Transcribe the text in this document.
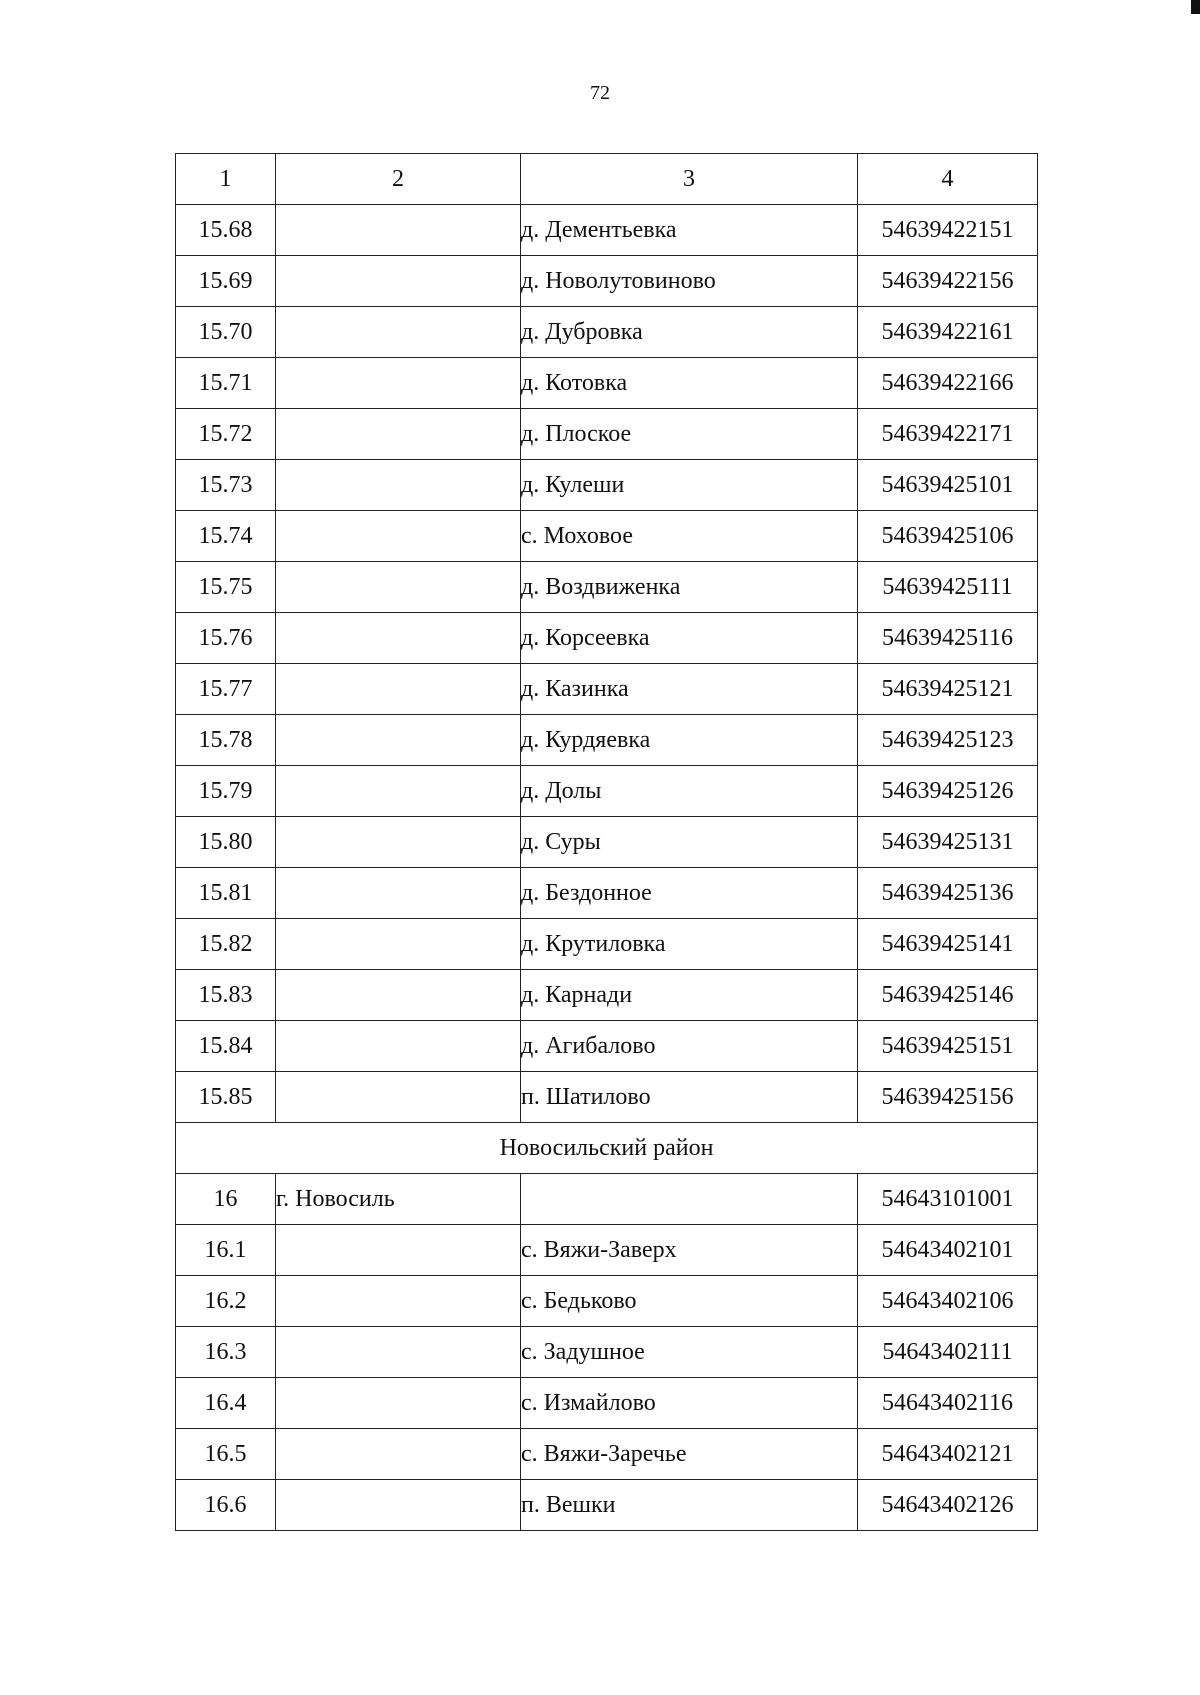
72
1	2	3	4
15.68		д. Дементьевка	54639422151
15.69		д. Новолутовиново	54639422156
15.70		д. Дубровка	54639422161
15.71		д. Котовка	54639422166
15.72		д. Плоское	54639422171
15.73		д. Кулеши	54639425101
15.74		с. Моховое	54639425106
15.75		д. Воздвиженка	54639425111
15.76		д. Корсеевка	54639425116
15.77		д. Казинка	54639425121
15.78		д. Курдяевка	54639425123
15.79		д. Долы	54639425126
15.80		д. Суры	54639425131
15.81		д. Бездонное	54639425136
15.82		д. Крутиловка	54639425141
15.83		д. Карнади	54639425146
15.84		д. Агибалово	54639425151
15.85		п. Шатилово	54639425156
Новосильский район			
16	г. Новосиль		54643101001
16.1		с. Вяжи-Заверх	54643402101
16.2		с. Бедьково	54643402106
16.3		с. Задушное	54643402111
16.4		с. Измайлово	54643402116
16.5		с. Вяжи-Заречье	54643402121
16.6		п. Вешки	54643402126
